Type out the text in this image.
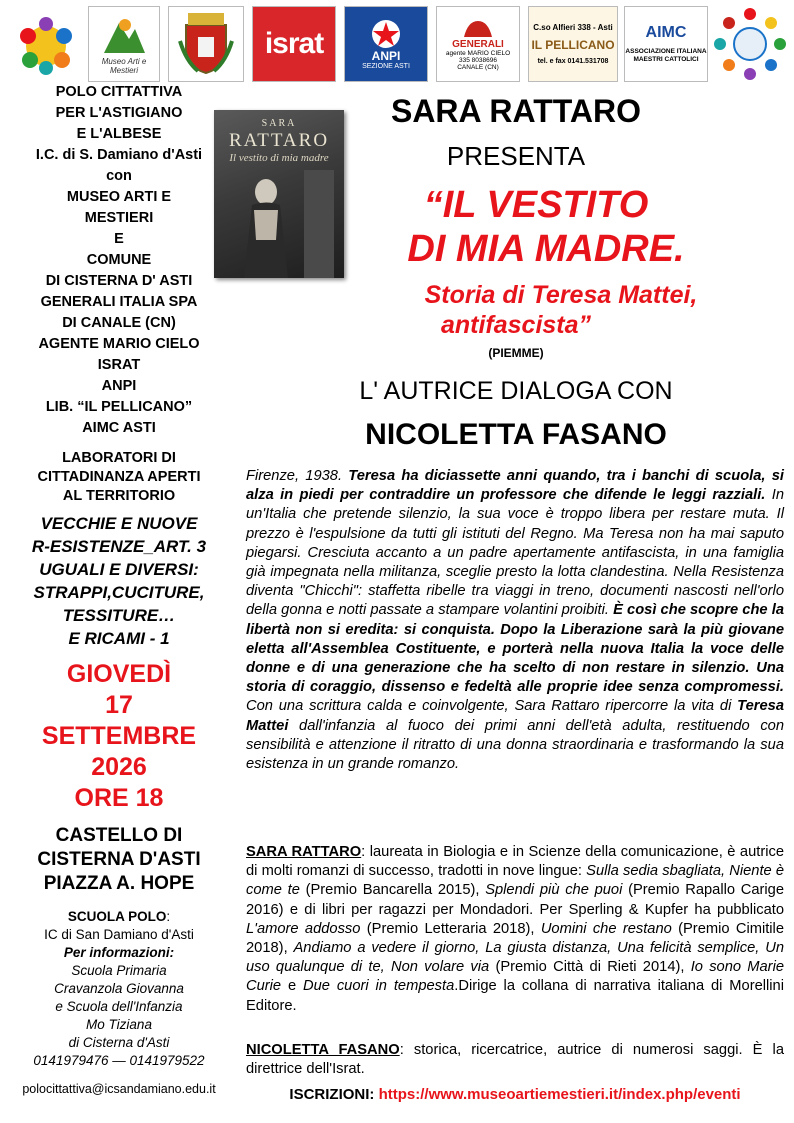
Museo Arti e Mestieri
israt	ANPI
SEZIONE ASTI
GENERALI
agente MARIO CIELO
335 8038696
CANALE (CN)
C.so Alfieri 338 - Asti
IL PELLICANO
tel. e fax 0141.531708
AIMC
ASSOCIAZIONE ITALIANA MAESTRI CATTOLICI

POLO CITTATTIVA

PER L'ASTIGIANO

E L'ALBESE

I.C. di S. Damiano d'Asti

con

MUSEO ARTI E

MESTIERI

E

COMUNE

DI CISTERNA D' ASTI

GENERALI ITALIA SPA

DI CANALE (CN)

AGENTE MARIO CIELO

ISRAT

ANPI

LIB. “IL PELLICANO”

AIMC ASTI

LABORATORI DI
CITTADINANZA APERTI
AL TERRITORIO
VECCHIE E NUOVE
R-ESISTENZE_ART. 3
UGUALI E DIVERSI:
STRAPPI,CUCITURE,
TESSITURE…
E RICAMI - 1
GIOVEDÌ
17
SETTEMBRE
2026
ORE 18
CASTELLO DI
CISTERNA D'ASTI
PIAZZA A. HOPE
SCUOLA POLO:
IC di San Damiano d'Asti
Per informazioni:
Scuola Primaria
Cravanzola Giovanna
e Scuola dell'Infanzia
Mo Tiziana
di Cisterna d'Asti
0141979476 — 0141979522
polocittattiva@icsandamiano.edu.it
SARA
RATTARO
Il vestito di mia madre
SARA RATTARO
PRESENTA
“IL VESTITO
DI MIA MADRE.
Storia di Teresa Mattei,
antifascista”
(PIEMME)
L' AUTRICE DIALOGA CON
NICOLETTA FASANO

Firenze, 1938. Teresa ha diciassette anni quando, tra i banchi di scuola, si alza in piedi per contraddire un professore che difende le leggi razziali. In un'Italia che pretende silenzio, la sua voce è troppo libera per restare muta. Il prezzo è l'espulsione da tutti gli istituti del Regno. Ma Teresa non ha mai saputo piegarsi. Cresciuta accanto a un padre apertamente antifascista, in una famiglia già impegnata nella militanza, sceglie presto la lotta clandestina. Nella Resistenza diventa "Chicchi": staffetta ribelle tra viaggi in treno, documenti nascosti nell'orlo della gonna e notti passate a stampare volantini proibiti. È così che scopre che la libertà non si eredita: si conquista. Dopo la Liberazione sarà la più giovane eletta all'Assemblea Costituente, e porterà nella nuova Italia la voce delle donne e di una generazione che ha scelto di non restare in silenzio. Una storia di coraggio, dissenso e fedeltà alle proprie idee senza compromessi. Con una scrittura calda e coinvolgente, Sara Rattaro ripercorre la vita di Teresa Mattei dall'infanzia al fuoco dei primi anni dell'età adulta, restituendo con sensibilità e attenzione il ritratto di una donna straordinaria e trasformando la sua esistenza in un grande romanzo.

SARA RATTARO: laureata in Biologia e in Scienze della comunicazione, è autrice di molti romanzi di successo, tradotti in nove lingue: Sulla sedia sbagliata, Niente è come te (Premio Bancarella 2015), Splendi più che puoi (Premio Rapallo Carige 2016) e di libri per ragazzi per Mondadori. Per Sperling & Kupfer ha pubblicato L'amore addosso (Premio Letteraria 2018), Uomini che restano (Premio Cimitile 2018), Andiamo a vedere il giorno, La giusta distanza, Una felicità semplice, Un uso qualunque di te, Non volare via (Premio Città di Rieti 2014), Io sono Marie Curie e Due cuori in tempesta.Dirige la collana di narrativa italiana di Morellini Editore.

NICOLETTA FASANO: storica, ricercatrice, autrice di numerosi saggi. È la direttrice dell'Israt.

ISCRIZIONI: https://www.museoartiemestieri.it/index.php/eventi
